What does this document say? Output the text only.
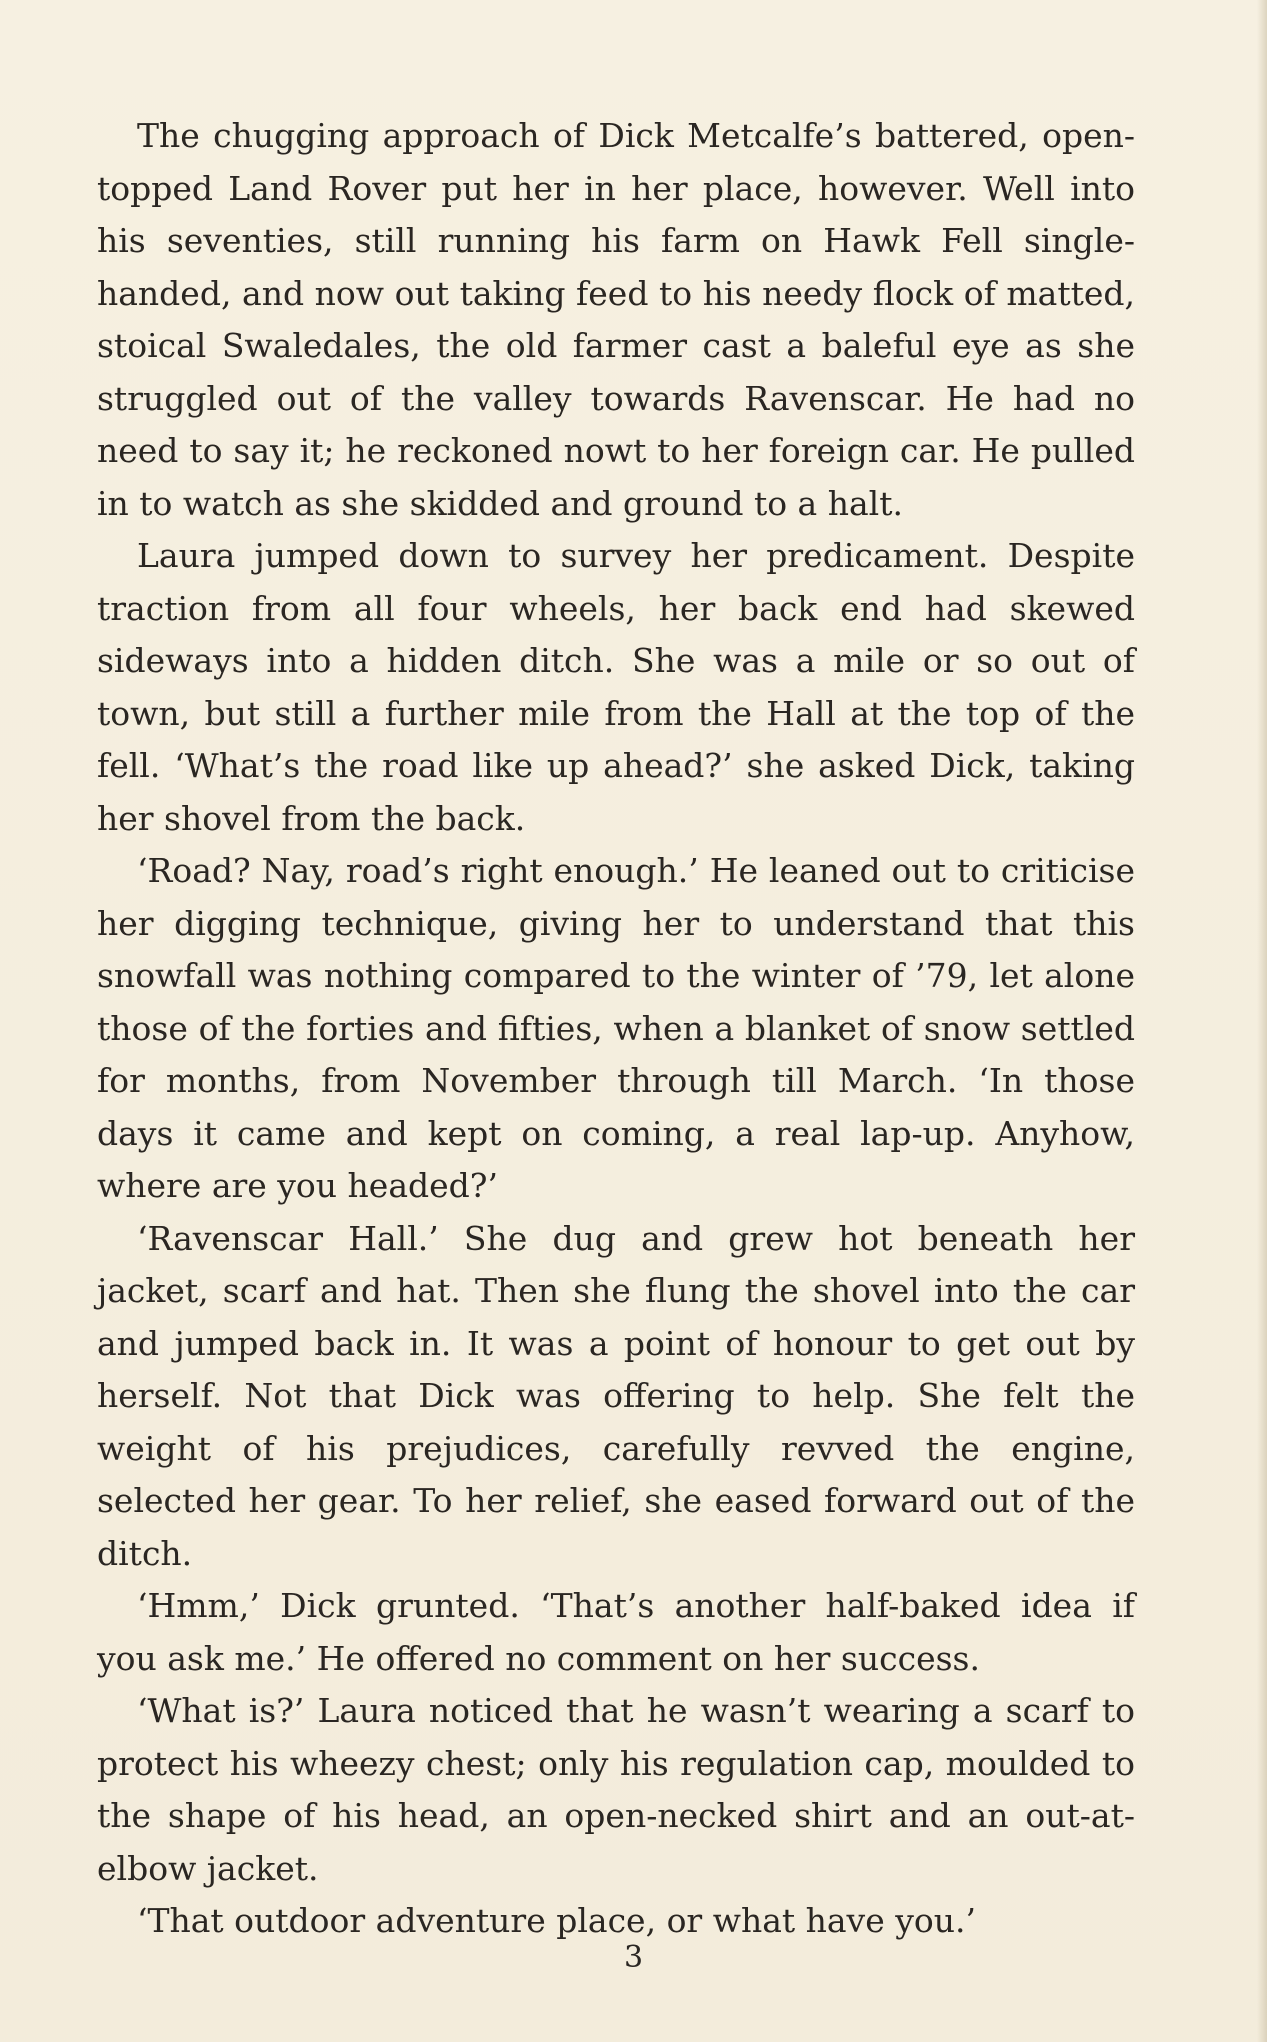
The chugging approach of Dick Metcalfe’s battered, open-topped Land Rover put her in her place, however. Well into his seventies, still running his farm on Hawk Fell single-handed, and now out taking feed to his needy flock of matted, stoical Swaledales, the old farmer cast a baleful eye as she struggled out of the valley towards Ravenscar. He had no need to say it; he reckoned nowt to her foreign car. He pulled in to watch as she skidded and ground to a halt.

Laura jumped down to survey her predicament. Despite traction from all four wheels, her back end had skewed sideways into a hidden ditch. She was a mile or so out of town, but still a further mile from the Hall at the top of the fell. ‘What’s the road like up ahead?’ she asked Dick, taking her shovel from the back.

‘Road? Nay, road’s right enough.’ He leaned out to criticise her digging technique, giving her to understand that this snowfall was nothing compared to the winter of ’79, let alone those of the forties and fifties, when a blanket of snow settled for months, from November through till March. ‘In those days it came and kept on coming, a real lap-up. Anyhow, where are you headed?’

‘Ravenscar Hall.’ She dug and grew hot beneath her jacket, scarf and hat. Then she flung the shovel into the car and jumped back in. It was a point of honour to get out by herself. Not that Dick was offering to help. She felt the weight of his prejudices, carefully revved the engine, selected her gear. To her relief, she eased forward out of the ditch.

‘Hmm,’ Dick grunted. ‘That’s another half-baked idea if you ask me.’ He offered no comment on her success.

‘What is?’ Laura noticed that he wasn’t wearing a scarf to protect his wheezy chest; only his regulation cap, moulded to the shape of his head, an open-necked shirt and an out-at-elbow jacket.

‘That outdoor adventure place, or what have you.’

3
